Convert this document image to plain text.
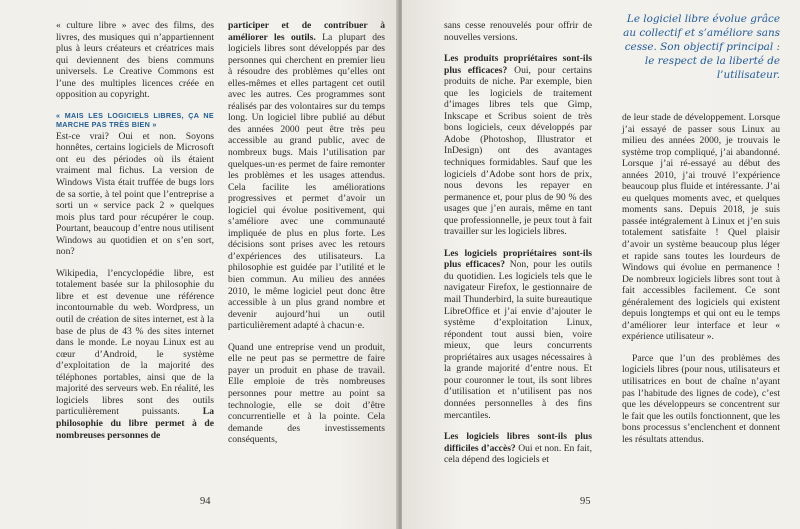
« culture libre » avec des films, des livres, des musiques qui n’appartiennent plus à leurs créateurs et créatrices mais qui deviennent des biens communs universels. Le Creative Commons est l’une des multiples licences créée en opposition au copyright.

« MAIS LES LOGICIELS LIBRES, ÇA NE MARCHE PAS TRÈS BIEN »

Est-ce vrai? Oui et non. Soyons honnêtes, certains logiciels de Microsoft ont eu des périodes où ils étaient vraiment mal fichus. La version de Windows Vista était truffée de bugs lors de sa sortie, à tel point que l’entreprise a sorti un « service pack 2 » quelques mois plus tard pour récupérer le coup. Pourtant, beaucoup d’entre nous utilisent Windows au quotidien et on s’en sort, non?

Wikipedia, l’encyclopédie libre, est totalement basée sur la philosophie du libre et est devenue une référence incontournable du web. Wordpress, un outil de création de sites internet, est à la base de plus de 43 % des sites internet dans le monde. Le noyau Linux est au cœur d’Android, le système d’exploitation de la majorité des téléphones portables, ainsi que de la majorité des serveurs web. En réalité, les logiciels libres sont des outils particulièrement puissants. La philosophie du libre permet à de nombreuses personnes de

participer et de contribuer à améliorer les outils. La plupart des logiciels libres sont développés par des personnes qui cherchent en premier lieu à résoudre des problèmes qu’elles ont elles-mêmes et elles partagent cet outil avec les autres. Ces programmes sont réalisés par des volontaires sur du temps long. Un logiciel libre publié au début des années 2000 peut être très peu accessible au grand public, avec de nombreux bugs. Mais l’utilisation par quelques-un·es permet de faire remonter les problèmes et les usages attendus. Cela facilite les améliorations progressives et permet d’avoir un logiciel qui évolue positivement, qui s’améliore avec une communauté impliquée de plus en plus forte. Les décisions sont prises avec les retours d’expériences des utilisateurs. La philosophie est guidée par l’utilité et le bien commun. Au milieu des années 2010, le même logiciel peut donc être accessible à un plus grand nombre et devenir aujourd’hui un outil particulièrement adapté à chacun·e.

Quand une entreprise vend un produit, elle ne peut pas se permettre de faire payer un produit en phase de travail. Elle emploie de très nombreuses personnes pour mettre au point sa technologie, elle se doit d’être concurrentielle et à la pointe. Cela demande des investissements conséquents,

94

sans cesse renouvelés pour offrir de nouvelles versions.

Les produits propriétaires sont-ils plus efficaces? Oui, pour certains produits de niche. Par exemple, bien que les logiciels de traitement d’images libres tels que Gimp, Inkscape et Scribus soient de très bons logiciels, ceux développés par Adobe (Photoshop, Illustrator et InDesign) ont des avantages techniques formidables. Sauf que les logiciels d’Adobe sont hors de prix, nous devons les repayer en permanence et, pour plus de 90 % des usages que j’en aurais, même en tant que professionnelle, je peux tout à fait travailler sur les logiciels libres.

Les logiciels propriétaires sont-ils plus efficaces? Non, pour les outils du quotidien. Les logiciels tels que le navigateur Firefox, le gestionnaire de mail Thunderbird, la suite bureautique LibreOffice et j’ai envie d’ajouter le système d’exploitation Linux, répondent tout aussi bien, voire mieux, que leurs concurrents propriétaires aux usages nécessaires à la grande majorité d’entre nous. Et pour couronner le tout, ils sont libres d’utilisation et n’utilisent pas nos données personnelles à des fins mercantiles.

Les logiciels libres sont-ils plus difficiles d’accès? Oui et non. En fait, cela dépend des logiciels et

Le logiciel libre évolue grâce au collectif et s’améliore sans cesse. Son objectif principal : le respect de la liberté de l’utilisateur.

de leur stade de développement. Lorsque j’ai essayé de passer sous Linux au milieu des années 2000, je trouvais le système trop compliqué, j’ai abandonné. Lorsque j’ai ré-essayé au début des années 2010, j’ai trouvé l’expérience beaucoup plus fluide et intéressante. J’ai eu quelques moments avec, et quelques moments sans. Depuis 2018, je suis passée intégralement à Linux et j’en suis totalement satisfaite ! Quel plaisir d’avoir un système beaucoup plus léger et rapide sans toutes les lourdeurs de Windows qui évolue en permanence ! De nombreux logiciels libres sont tout à fait accessibles facilement. Ce sont généralement des logiciels qui existent depuis longtemps et qui ont eu le temps d’améliorer leur interface et leur « expérience utilisateur ».

Parce que l’un des problèmes des logiciels libres (pour nous, utilisateurs et utilisatrices en bout de chaîne n’ayant pas l’habitude des lignes de code), c’est que les développeurs se concentrent sur le fait que les outils fonctionnent, que les bons processus s’enclenchent et donnent les résultats attendus.

95
